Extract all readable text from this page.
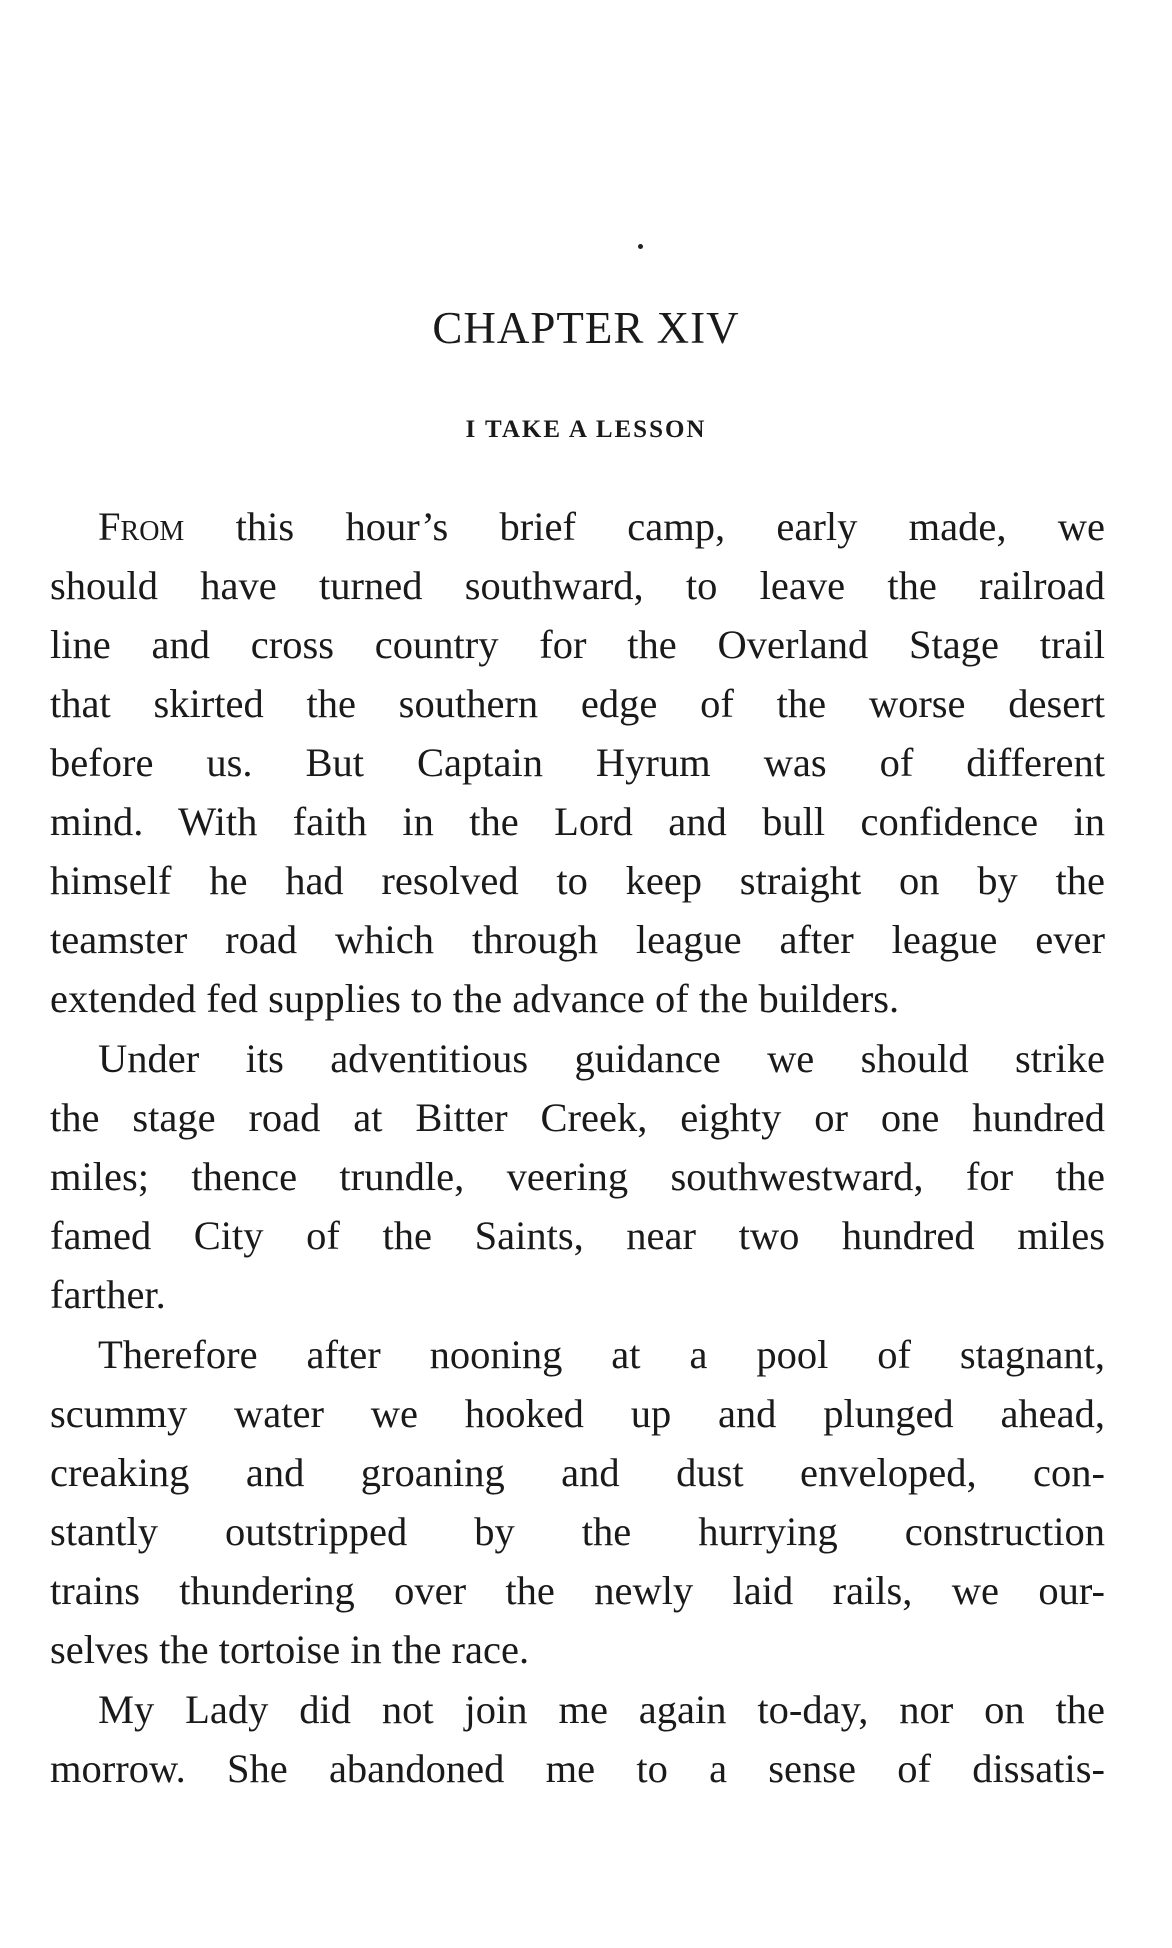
CHAPTER XIV
I TAKE A LESSON

From this hour’s brief camp, early made, we
should have turned southward, to leave the railroad
line and cross country for the Overland Stage trail
that skirted the southern edge of the worse desert
before us. But Captain Hyrum was of different
mind. With faith in the Lord and bull confidence in
himself he had resolved to keep straight on by the
teamster road which through league after league ever
extended fed supplies to the advance of the builders.

Under its adventitious guidance we should strike
the stage road at Bitter Creek, eighty or one hundred
miles; thence trundle, veering southwestward, for the
famed City of the Saints, near two hundred miles
farther.

Therefore after nooning at a pool of stagnant,
scummy water we hooked up and plunged ahead,
creaking and groaning and dust enveloped, con-
stantly outstripped by the hurrying construction
trains thundering over the newly laid rails, we our-
selves the tortoise in the race.

My Lady did not join me again to-day, nor on the
morrow. She abandoned me to a sense of dissatis-
